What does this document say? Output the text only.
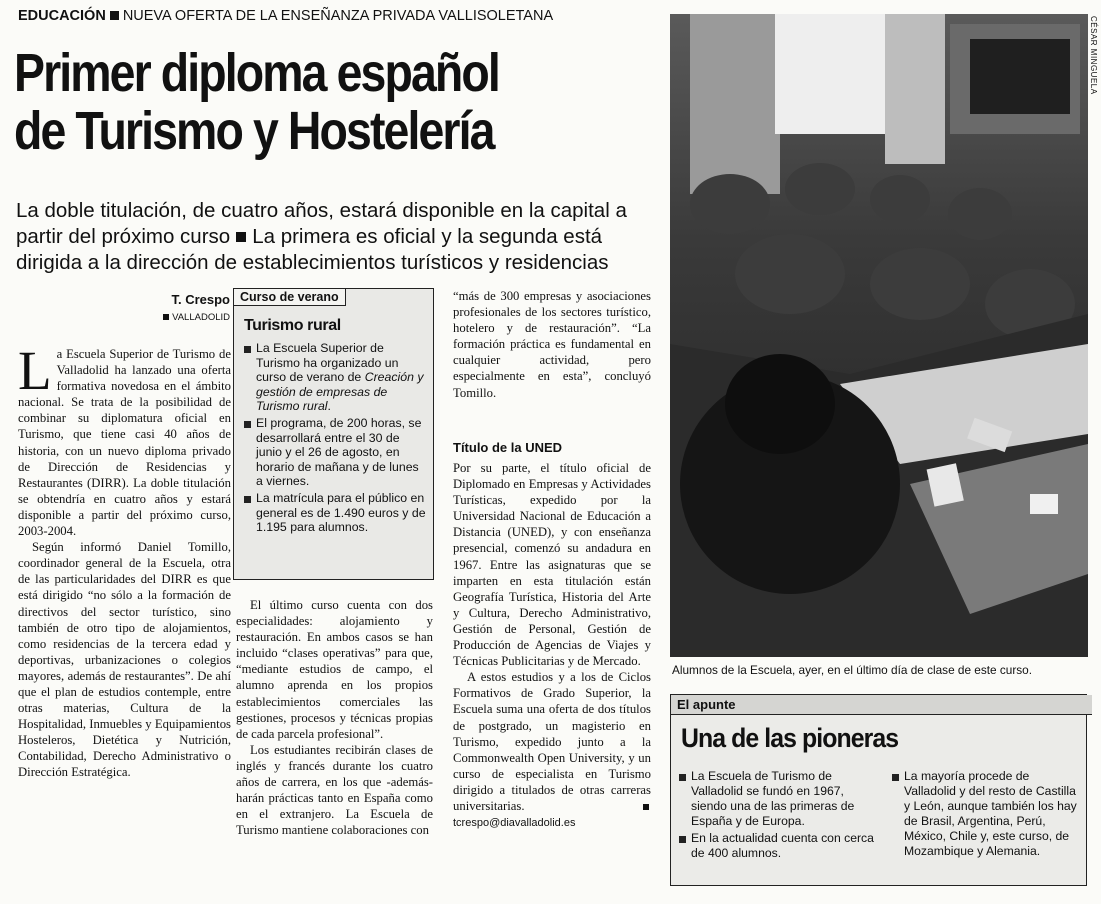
EDUCACIÓN NUEVA OFERTA DE LA ENSEÑANZA PRIVADA VALLISOLETANA
Primer diploma español
de Turismo y Hostelería
La doble titulación, de cuatro años, estará disponible en la capital a
partir del próximo curso La primera es oficial y la segunda está
dirigida a la dirección de establecimientos turísticos y residencias
T. Crespo
VALLADOLID

La Escuela Superior de Turismo de Valladolid ha lanzado una oferta formativa novedosa en el ámbito nacional. Se trata de la posibilidad de combinar su diplomatura oficial en Turismo, que tiene casi 40 años de historia, con un nuevo diploma privado de Dirección de Residencias y Restaurantes (DIRR). La doble titulación se obtendría en cuatro años y estará disponible a partir del próximo curso, 2003-2004.

Según informó Daniel Tomillo, coordinador general de la Escuela, otra de las particularidades del DIRR es que está dirigido “no sólo a la formación de directivos del sector turístico, sino también de otro tipo de alojamientos, como residencias de la tercera edad y deportivas, urbanizaciones o colegios mayores, además de restaurantes”. De ahí que el plan de estudios contemple, entre otras materias, Cultura de la Hospitalidad, Inmuebles y Equipamientos Hosteleros, Dietética y Nutrición, Contabilidad, Derecho Administrativo o Dirección Estratégica.

Curso de verano
Turismo rural
La Escuela Superior de Turismo ha organizado un curso de verano de Creación y gestión de empresas de Turismo rural.
El programa, de 200 horas, se desarrollará entre el 30 de junio y el 26 de agosto, en horario de mañana y de lunes a viernes.
La matrícula para el público en general es de 1.490 euros y de 1.195 para alumnos.

El último curso cuenta con dos especialidades: alojamiento y restauración. En ambos casos se han incluido “clases operativas” para que, “mediante estudios de campo, el alumno aprenda en los propios establecimientos comerciales las gestiones, procesos y técnicas propias de cada parcela profesional”.

Los estudiantes recibirán clases de inglés y francés durante los cuatro años de carrera, en los que -además- harán prácticas tanto en España como en el extranjero. La Escuela de Turismo mantiene colaboraciones con

“más de 300 empresas y asociaciones profesionales de los sectores turístico, hotelero y de restauración”. “La formación práctica es fundamental en cualquier actividad, pero especialmente en esta”, concluyó Tomillo.

Título de la UNED

Por su parte, el título oficial de Diplomado en Empresas y Actividades Turísticas, expedido por la Universidad Nacional de Educación a Distancia (UNED), y con enseñanza presencial, comenzó su andadura en 1967. Entre las asignaturas que se imparten en esta titulación están Geografía Turística, Historia del Arte y Cultura, Derecho Administrativo, Gestión de Personal, Gestión de Producción de Agencias de Viajes y Técnicas Publicitarias y de Mercado.

A estos estudios y a los de Ciclos Formativos de Grado Superior, la Escuela suma una oferta de dos títulos de postgrado, un magisterio en Turismo, expedido junto a la Commonwealth Open University, y un curso de especialista en Turismo dirigido a titulados de otras carreras universitarias. tcrespo@diavalladolid.es

CÉSAR MINGUELA
Alumnos de la Escuela, ayer, en el último día de clase de este curso.
El apunte
Una de las pioneras
La Escuela de Turismo de Valladolid se fundó en 1967, siendo una de las primeras de España y de Europa.
En la actualidad cuenta con cerca de 400 alumnos.
La mayoría procede de Valladolid y del resto de Castilla y León, aunque también los hay de Brasil, Argentina, Perú, México, Chile y, este curso, de Mozambique y Alemania.
